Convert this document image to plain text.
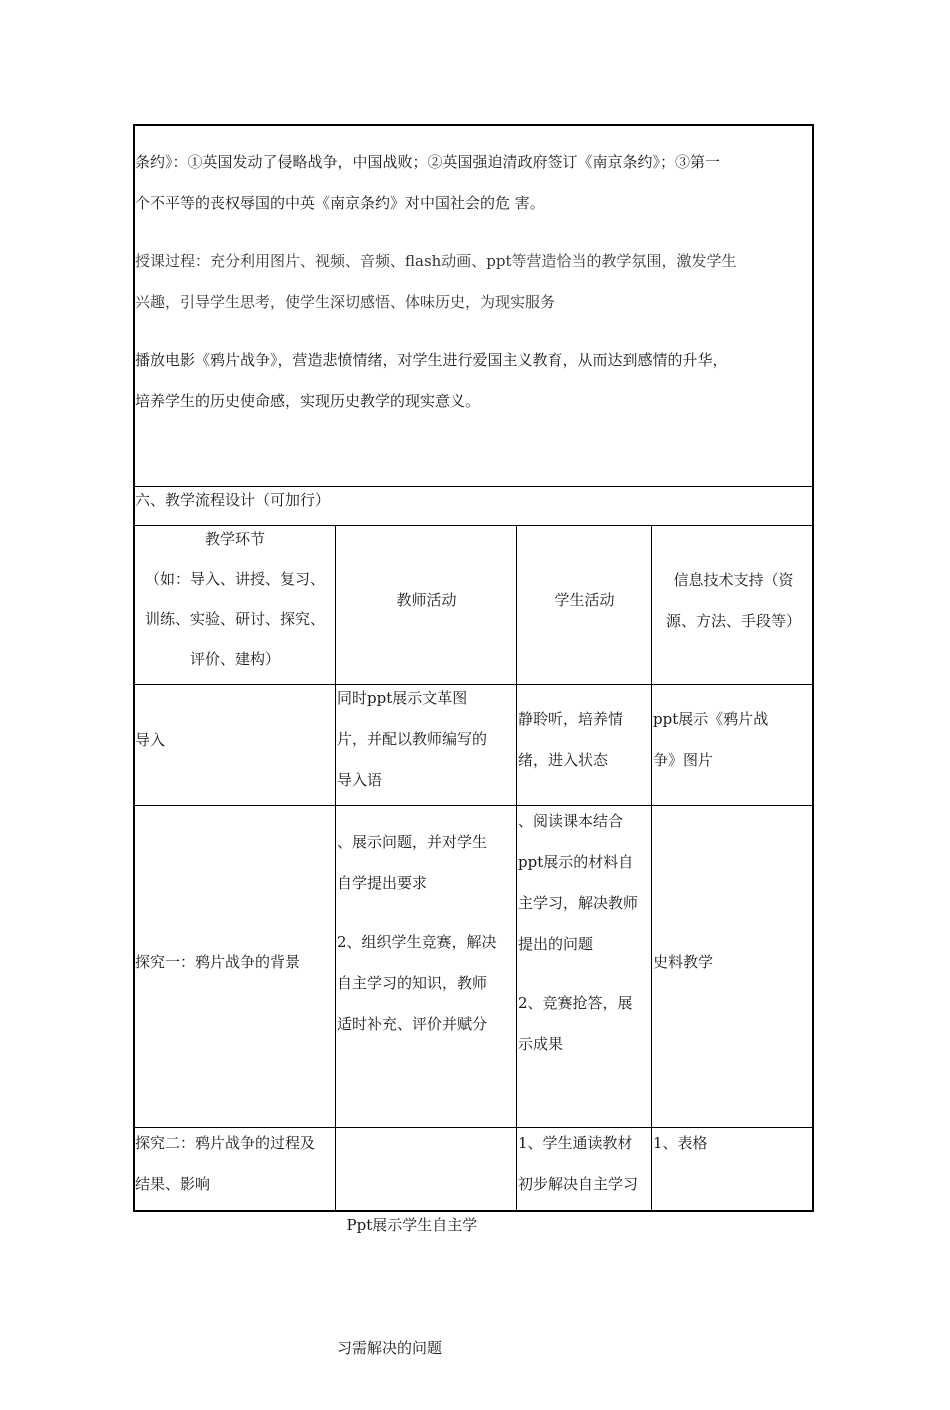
条约》：①英国发动了侵略战争，中国战败；②英国强迫清政府签订《南京条约》；③第一
个不平等的丧权辱国的中英《南京条约》对中国社会的危 害。
授课过程：充分利用图片、视频、音频、flash动画、ppt等营造恰当的教学氛围，激发学生
兴趣，引导学生思考，使学生深切感悟、体味历史，为现实服务
播放电影《鸦片战争》，营造悲愤情绪，对学生进行爱国主义教育，从而达到感情的升华，
培养学生的历史使命感，实现历史教学的现实意义。
六、教学流程设计（可加行）
教学环节
（如：导入、讲授、复习、
训练、实验、研讨、探究、
评价、建构）
教师活动	学生活动
信息技术支持（资
源、方法、手段等）
导入
同时ppt展示文革图
片，并配以教师编写的
导入语
静聆听，培养情
绪，进入状态
ppt展示《鸦片战
争》图片
探究一：鸦片战争的背景
、展示问题，并对学生
自学提出要求
2、组织学生竞赛，解决
自主学习的知识，教师
适时补充、评价并赋分
、阅读课本结合
ppt展示的材料自
主学习，解决教师
提出的问题
2、竞赛抢答，展
示成果
史料教学
探究二：鸦片战争的过程及
结果、影响

Ppt展示学生自主学

习需解决的问题

1、学生通读教材
初步解决自主学习
1、表格
